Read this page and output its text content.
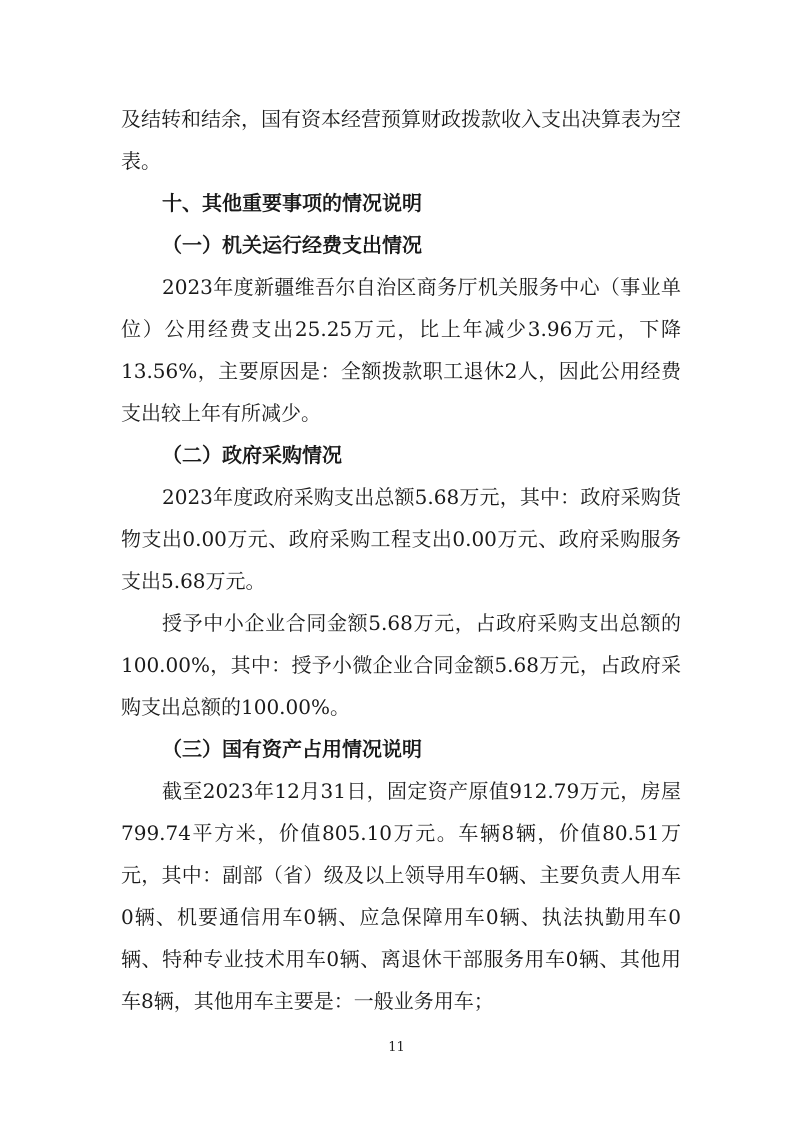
及结转和结余，国有资本经营预算财政拨款收入支出决算表为空表。

十、其他重要事项的情况说明

（一）机关运行经费支出情况

2023年度新疆维吾尔自治区商务厅机关服务中心（事业单位）公用经费支出25.25万元，比上年减少3.96万元，下降13.56%，主要原因是：全额拨款职工退休2人，因此公用经费支出较上年有所减少。

（二）政府采购情况

2023年度政府采购支出总额5.68万元，其中：政府采购货物支出0.00万元、政府采购工程支出0.00万元、政府采购服务支出5.68万元。

授予中小企业合同金额5.68万元，占政府采购支出总额的100.00%，其中：授予小微企业合同金额5.68万元，占政府采购支出总额的100.00%。

（三）国有资产占用情况说明

截至2023年12月31日，固定资产原值912.79万元，房屋799.74平方米，价值805.10万元。车辆8辆，价值80.51万元，其中：副部（省）级及以上领导用车0辆、主要负责人用车0辆、机要通信用车0辆、应急保障用车0辆、执法执勤用车0辆、特种专业技术用车0辆、离退休干部服务用车0辆、其他用车8辆，其他用车主要是：一般业务用车；

11
